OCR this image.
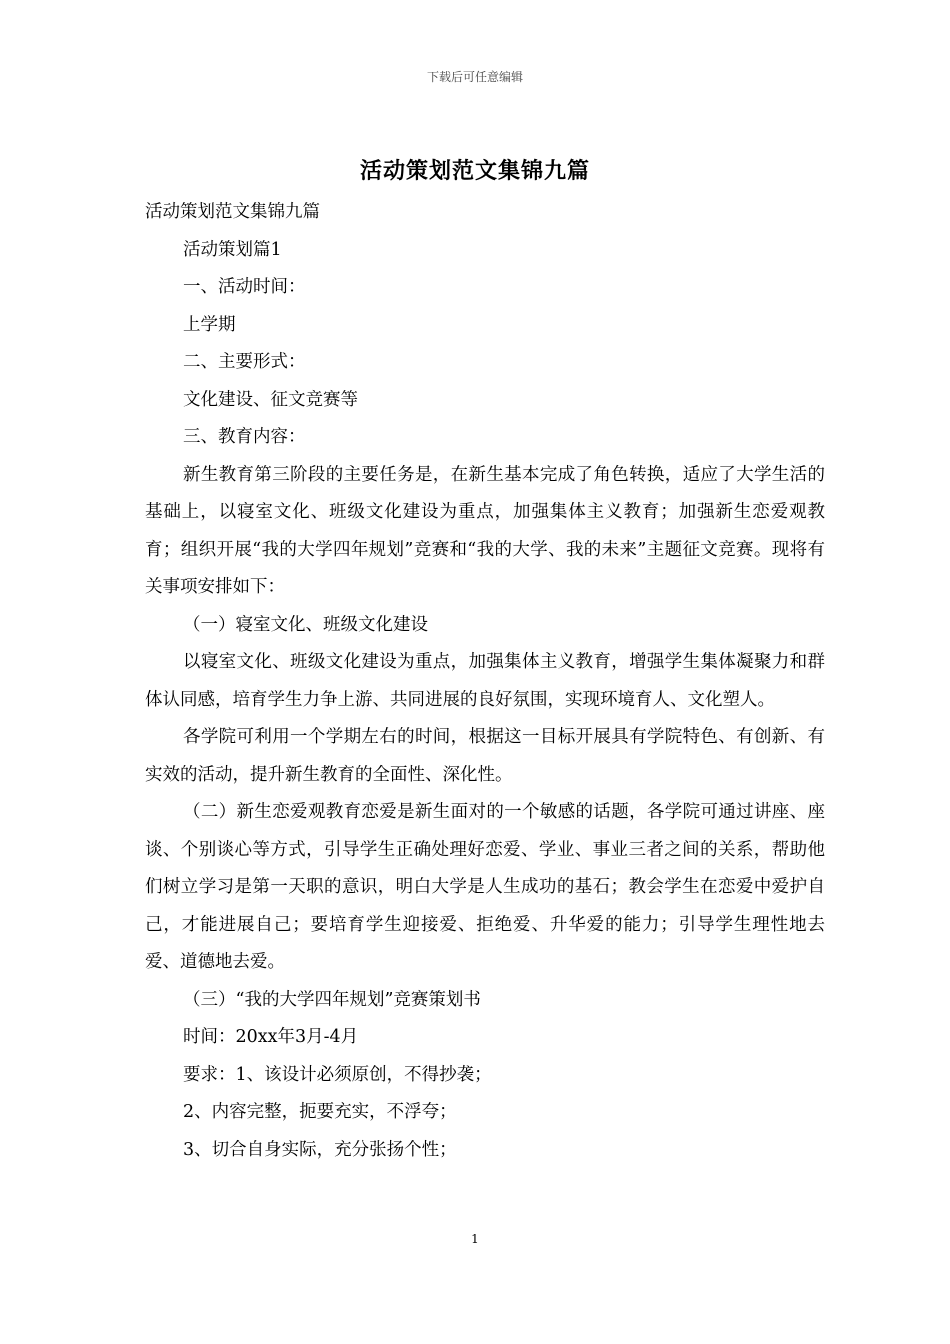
下载后可任意编辑
活动策划范文集锦九篇

活动策划范文集锦九篇

活动策划篇1

一、活动时间：

上学期

二、主要形式：

文化建设、征文竞赛等

三、教育内容：

新生教育第三阶段的主要任务是，在新生基本完成了角色转换，适应了大学生活的基础上，以寝室文化、班级文化建设为重点，加强集体主义教育；加强新生恋爱观教育；组织开展“我的大学四年规划”竞赛和“我的大学、我的未来”主题征文竞赛。现将有关事项安排如下：

（一）寝室文化、班级文化建设

以寝室文化、班级文化建设为重点，加强集体主义教育，增强学生集体凝聚力和群体认同感，培育学生力争上游、共同进展的良好氛围，实现环境育人、文化塑人。

各学院可利用一个学期左右的时间，根据这一目标开展具有学院特色、有创新、有实效的活动，提升新生教育的全面性、深化性。

（二）新生恋爱观教育恋爱是新生面对的一个敏感的话题，各学院可通过讲座、座谈、个别谈心等方式，引导学生正确处理好恋爱、学业、事业三者之间的关系，帮助他们树立学习是第一天职的意识，明白大学是人生成功的基石；教会学生在恋爱中爱护自己，才能进展自己；要培育学生迎接爱、拒绝爱、升华爱的能力；引导学生理性地去爱、道德地去爱。

（三）“我的大学四年规划”竞赛策划书

时间：20xx年3月-4月

要求：1、该设计必须原创，不得抄袭；

2、内容完整，扼要充实，不浮夸；

3、切合自身实际，充分张扬个性；

1
